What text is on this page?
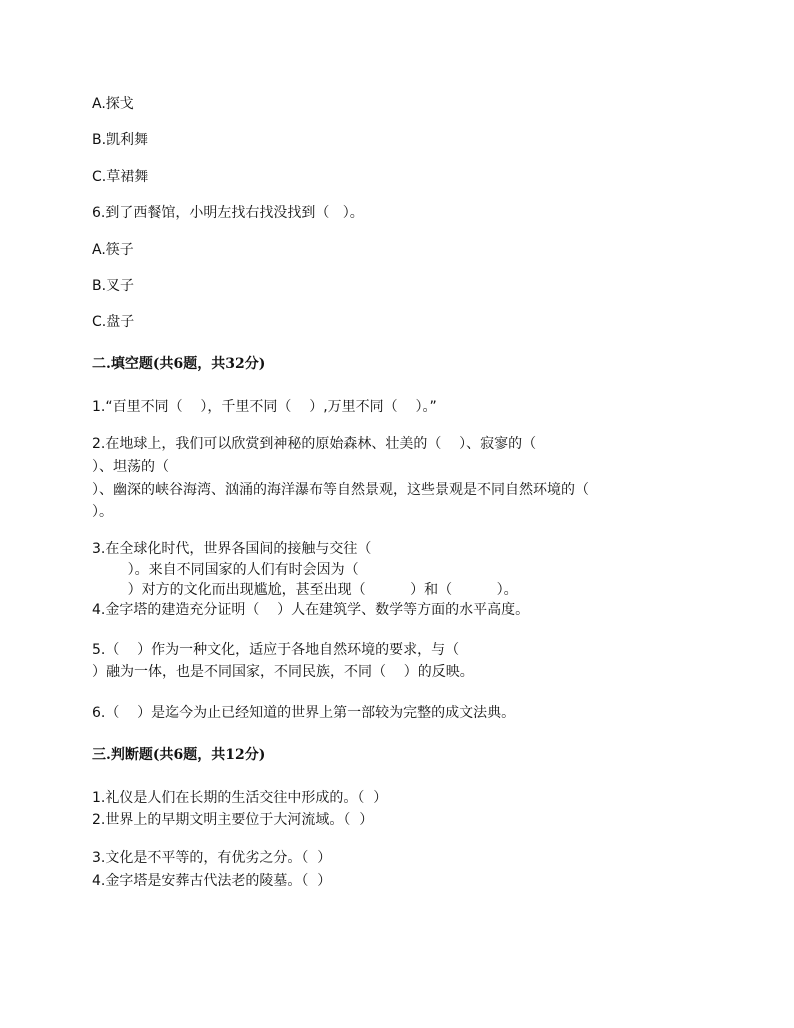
A.探戈

B.凯利舞

C.草裙舞

6.到了西餐馆，小明左找右找没找到（   ）。

A.筷子

B.叉子

C.盘子

二.填空题(共6题，共32分)

1.“百里不同（    ），千里不同（    ）,万里不同（    ）。”

2.在地球上，我们可以欣赏到神秘的原始森林、壮美的（    ）、寂寥的（

）、坦荡的（

）、幽深的峡谷海湾、汹涌的海洋瀑布等自然景观，这些景观是不同自然环境的（

）。

3.在全球化时代，世界各国间的接触与交往（

）。来自不同国家的人们有时会因为（

）对方的文化而出现尴尬，甚至出现（          ）和（          ）。

4.金字塔的建造充分证明（    ）人在建筑学、数学等方面的水平高度。

5.（    ）作为一种文化，适应于各地自然环境的要求，与（

）融为一体，也是不同国家，不同民族，不同（    ）的反映。

6.（    ）是迄今为止已经知道的世界上第一部较为完整的成文法典。

三.判断题(共6题，共12分)

1.礼仪是人们在长期的生活交往中形成的。（  ）

2.世界上的早期文明主要位于大河流域。（  ）

3.文化是不平等的，有优劣之分。（  ）

4.金字塔是安葬古代法老的陵墓。（  ）
